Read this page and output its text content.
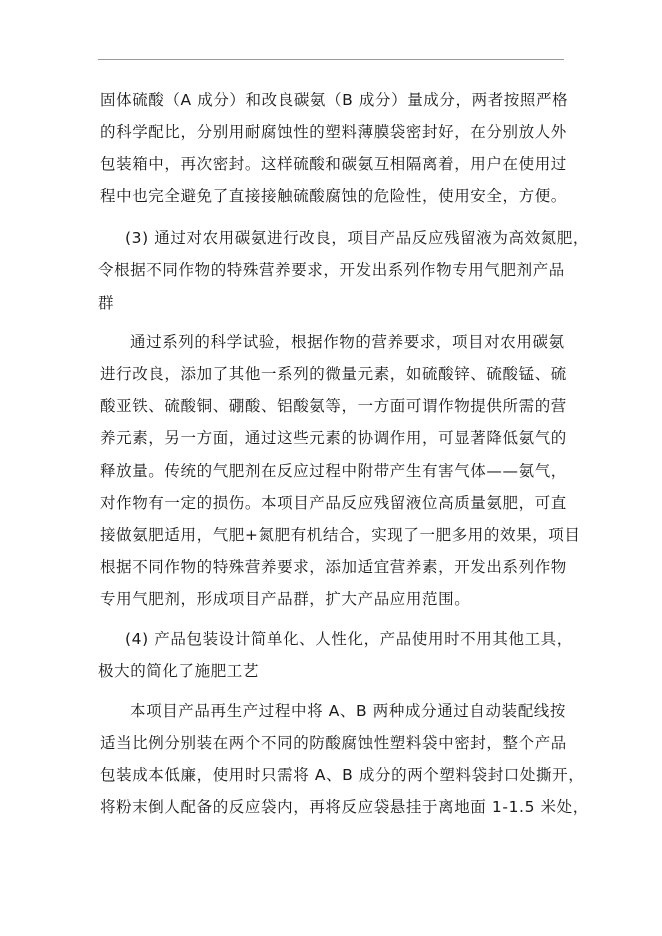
固体硫酸（A 成分）和改良碳氨（B 成分）量成分，两者按照严格
的科学配比，分别用耐腐蚀性的塑料薄膜袋密封好，在分别放人外
包装箱中，再次密封。这样硫酸和碳氨互相隔离着，用户在使用过
程中也完全避免了直接接触硫酸腐蚀的危险性，使用安全，方便。
(3) 通过对农用碳氨进行改良，项目产品反应残留液为高效氮肥，
令根据不同作物的特殊营养要求，开发出系列作物专用气肥剂产品
群
通过系列的科学试验，根据作物的营养要求，项目对农用碳氨
进行改良，添加了其他一系列的微量元素，如硫酸锌、硫酸锰、硫
酸亚铁、硫酸铜、硼酸、铝酸氨等，一方面可谓作物提供所需的营
养元素，另一方面，通过这些元素的协调作用，可显著降低氨气的
释放量。传统的气肥剂在反应过程中附带产生有害气体——氨气，
对作物有一定的损伤。本项目产品反应残留液位高质量氨肥，可直
接做氨肥适用，气肥+氮肥有机结合，实现了一肥多用的效果，项目
根据不同作物的特殊营养要求，添加适宜营养素，开发出系列作物
专用气肥剂，形成项目产品群，扩大产品应用范围。
(4) 产品包装设计简单化、人性化，产品使用时不用其他工具，
极大的简化了施肥工艺
本项目产品再生产过程中将 A、B 两种成分通过自动装配线按
适当比例分别装在两个不同的防酸腐蚀性塑料袋中密封，整个产品
包装成本低廉，使用时只需将 A、B 成分的两个塑料袋封口处撕开，
将粉末倒人配备的反应袋内，再将反应袋悬挂于离地面 1-1.5 米处，
